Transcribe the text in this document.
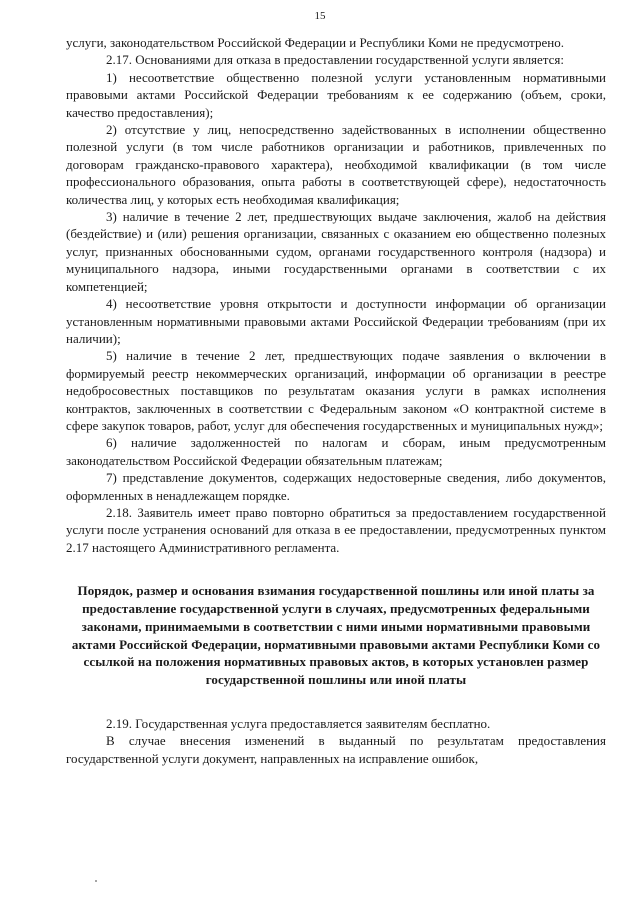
15

услуги, законодательством Российской Федерации и Республики Коми не предусмотрено.

2.17. Основаниями для отказа в предоставлении государственной услуги является:

1) несоответствие общественно полезной услуги установленным нормативными правовыми актами Российской Федерации требованиям к ее содержанию (объем, сроки, качество предоставления);

2) отсутствие у лиц, непосредственно задействованных в исполнении общественно полезной услуги (в том числе работников организации и работников, привлеченных по договорам гражданско-правового характера), необходимой квалификации (в том числе профессионального образования, опыта работы в соответствующей сфере), недостаточность количества лиц, у которых есть необходимая квалификация;

3) наличие в течение 2 лет, предшествующих выдаче заключения, жалоб на действия (бездействие) и (или) решения организации, связанных с оказанием ею общественно полезных услуг, признанных обоснованными судом, органами государственного контроля (надзора) и муниципального надзора, иными государственными органами в соответствии с их компетенцией;

4) несоответствие уровня открытости и доступности информации об организации установленным нормативными правовыми актами Российской Федерации требованиям (при их наличии);

5) наличие в течение 2 лет, предшествующих подаче заявления о включении в формируемый реестр некоммерческих организаций, информации об организации в реестре недобросовестных поставщиков по результатам оказания услуги в рамках исполнения контрактов, заключенных в соответствии с Федеральным законом «О контрактной системе в сфере закупок товаров, работ, услуг для обеспечения государственных и муниципальных нужд»;

6) наличие задолженностей по налогам и сборам, иным предусмотренным законодательством Российской Федерации обязательным платежам;

7) представление документов, содержащих недостоверные сведения, либо документов, оформленных в ненадлежащем порядке.

2.18. Заявитель имеет право повторно обратиться за предоставлением государственной услуги после устранения оснований для отказа в ее предоставлении, предусмотренных пунктом 2.17 настоящего Административного регламента.

Порядок, размер и основания взимания государственной пошлины или иной платы за предоставление государственной услуги в случаях, предусмотренных федеральными законами, принимаемыми в соответствии с ними иными нормативными правовыми актами Российской Федерации, нормативными правовыми актами Республики Коми со ссылкой на положения нормативных правовых актов, в которых установлен размер государственной пошлины или иной платы

2.19. Государственная услуга предоставляется заявителям бесплатно.

В случае внесения изменений в выданный по результатам предоставления государственной услуги документ, направленных на исправление ошибок,
